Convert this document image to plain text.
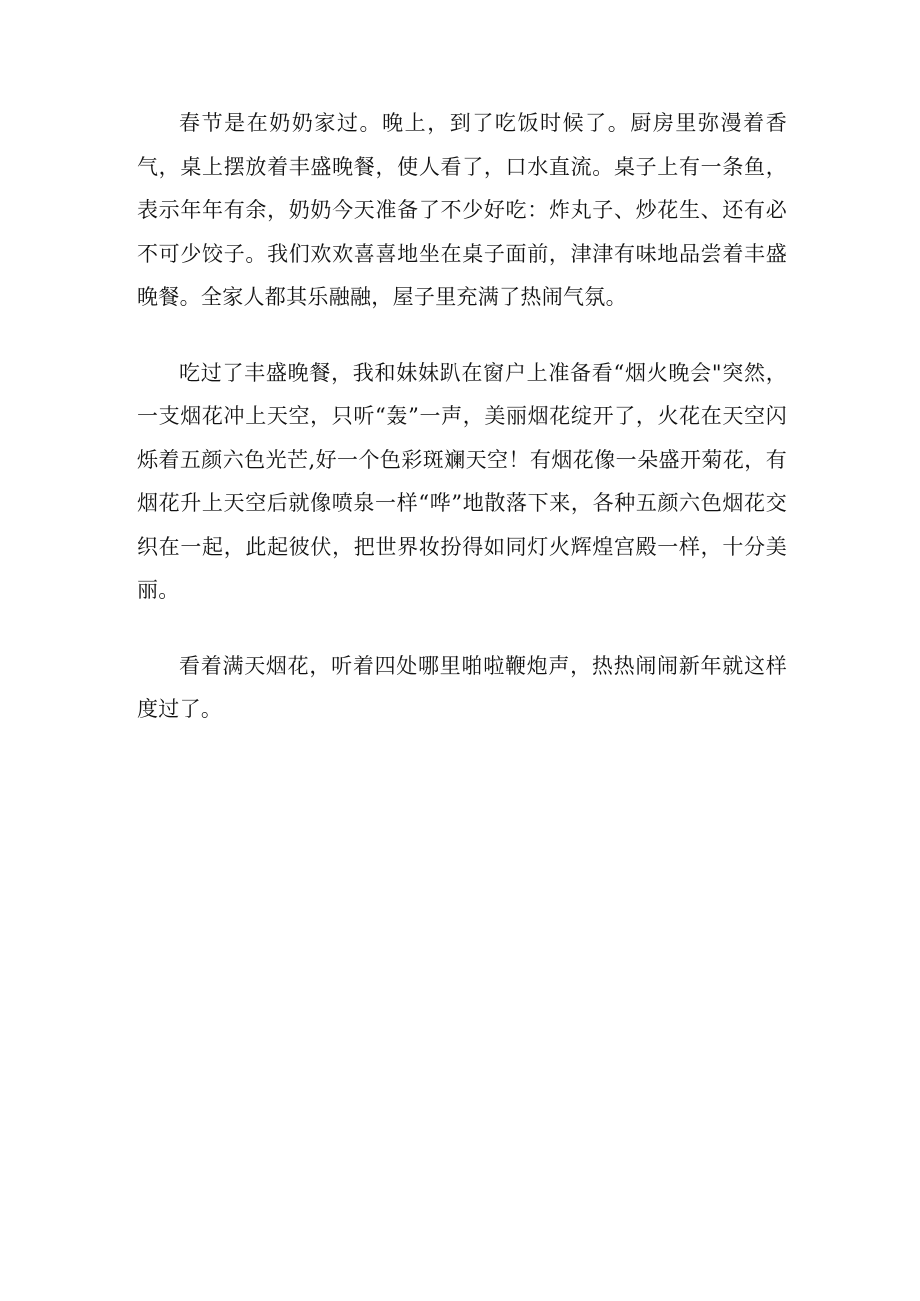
春节是在奶奶家过。晚上，到了吃饭时候了。厨房里弥漫着香气，桌上摆放着丰盛晚餐，使人看了，口水直流。桌子上有一条鱼，表示年年有余，奶奶今天准备了不少好吃：炸丸子、炒花生、还有必不可少饺子。我们欢欢喜喜地坐在桌子面前，津津有味地品尝着丰盛晚餐。全家人都其乐融融，屋子里充满了热闹气氛。

吃过了丰盛晚餐，我和妹妹趴在窗户上准备看“烟火晚会"突然，一支烟花冲上天空，只听“轰”一声，美丽烟花绽开了，火花在天空闪烁着五颜六色光芒,好一个色彩斑斓天空！有烟花像一朵盛开菊花，有烟花升上天空后就像喷泉一样“哗”地散落下来，各种五颜六色烟花交织在一起，此起彼伏，把世界妆扮得如同灯火辉煌宫殿一样，十分美丽。

看着满天烟花，听着四处哪里啪啦鞭炮声，热热闹闹新年就这样度过了。
